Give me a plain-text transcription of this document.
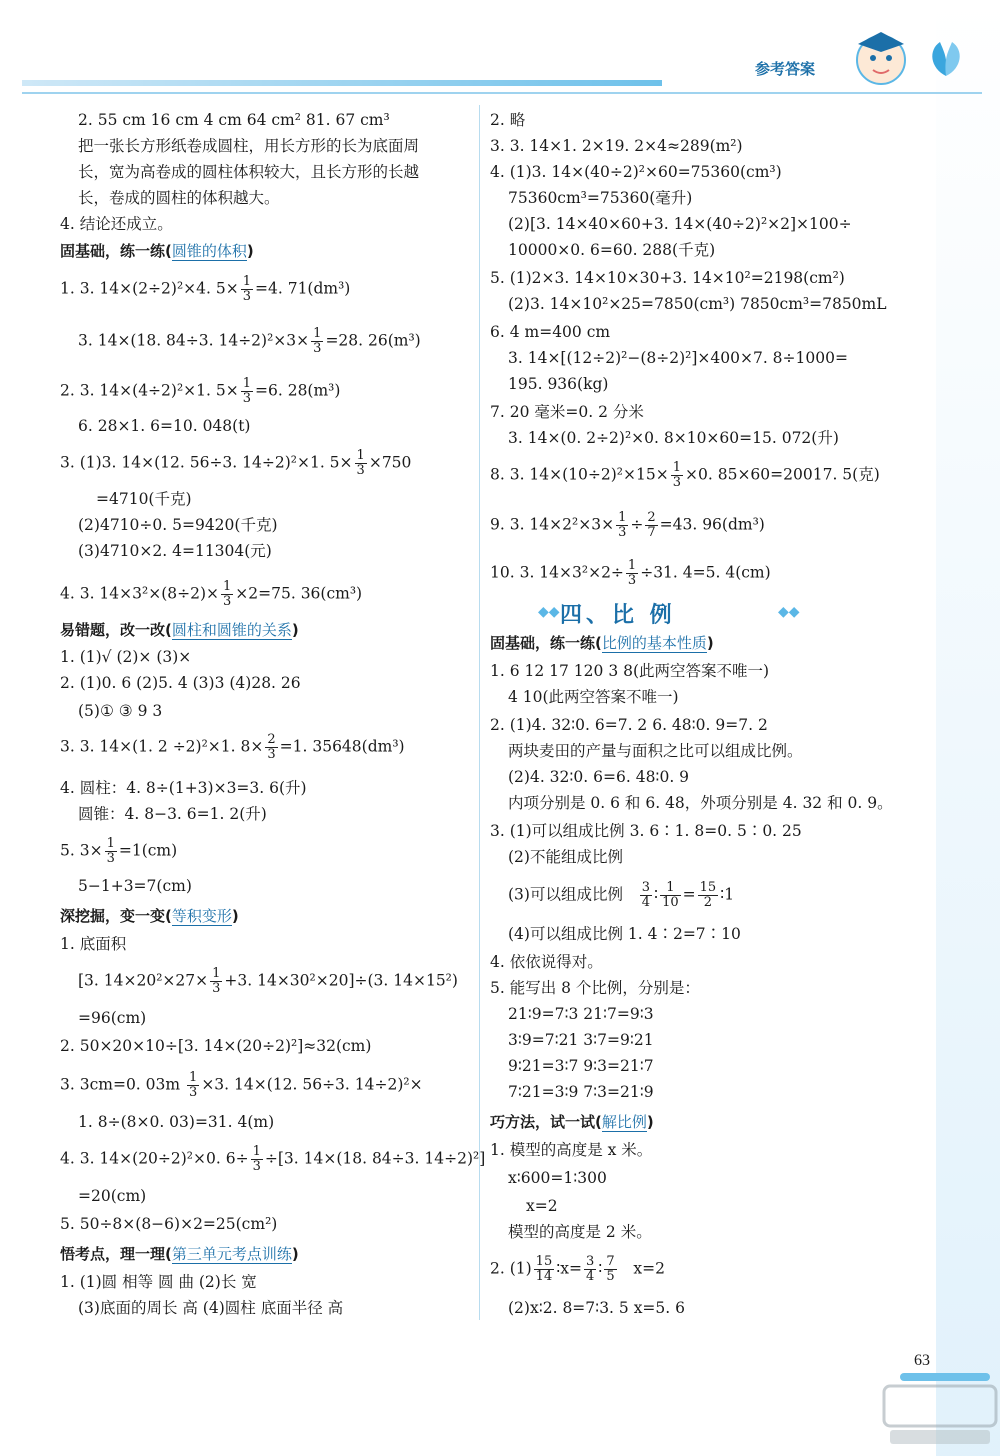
参考答案
2. 55 cm 16 cm 4 cm 64 cm² 81. 67 cm³
把一张长方形纸卷成圆柱，用长方形的长为底面周
长，宽为高卷成的圆柱体积较大，且长方形的长越
长，卷成的圆柱的体积越大。
4. 结论还成立。
固基础，练一练(圆锥的体积)
1. 3. 14×(2÷2)²×4. $5\times \frac{1}{3} =4$. 71(dm³)
3. 14×(18. 84÷3. $14\div 2)^2\times 3\times \frac{1}{3} =28$. 26(m³)
2. 3. 14×(4÷2)²×1. $5\times \frac{1}{3} =6$. 28(m³)
6. 28×1. 6=10. 048(t)
3. (1)3. 14×(12. 56÷3. 14÷2)²×1. $5\times \frac{1}{3} \times 750$
=4710(千克)
(2)4710÷0. 5=9420(千克)
(3)4710×2. 4=11304(元)
4. 3. $14\times 3^2\times(8\div 2)\times \frac{1}{3} \times 2=75$. 36(cm³)
易错题，改一改(圆柱和圆锥的关系)
1. (1)√ (2)× (3)×
2. (1)0. 6 (2)5. 4 (3)3 (4)28. 26
(5)① ③ 9 3
3. 3. 14×(1. 2 ÷2)²×1. $8\times \frac{2}{3} =1$. 35648(dm³)
4. 圆柱：4. 8÷(1+3)×3=3. 6(升)
圆锥：4. 8−3. 6=1. 2(升)
5. $3\times \frac{1}{3} =1(cm)$
5−1+3=7(cm)
深挖掘，变一变(等积变形)
1. 底面积
[3. $14\times 20^2\times 27\times \frac{1}{3} +3$. 14×30²×20]÷(3. 14×15²)
=96(cm)
2. 50×20×10÷[3. 14×(20÷2)²]≈32(cm)
3. 3cm=0. $03m \frac{1}{3} \times 3$. 14×(12. 56÷3. 14÷2)²×
1. 8÷(8×0. 03)=31. 4(m)
4. 3. 14×(20÷2)²×0. $6\div \frac{1}{3} \div[3$. 14×(18. 84÷3. 14÷2)²]
=20(cm)
5. 50÷8×(8−6)×2=25(cm²)
悟考点，理一理(第三单元考点训练)
1. (1)圆 相等 圆 曲 (2)长 宽
(3)底面的周长 高 (4)圆柱 底面半径 高
2. 略
3. 3. 14×1. 2×19. 2×4≈289(m²)
4. (1)3. 14×(40÷2)²×60=75360(cm³)
75360cm³=75360(毫升)
(2)[3. 14×40×60+3. 14×(40÷2)²×2]×100÷
10000×0. 6=60. 288(千克)
5. (1)2×3. 14×10×30+3. 14×10²=2198(cm²)
(2)3. 14×10²×25=7850(cm³) 7850cm³=7850mL
6. 4 m=400 cm
3. 14×[(12÷2)²−(8÷2)²]×400×7. 8÷1000=
195. 936(kg)
7. 20 毫米=0. 2 分米
3. 14×(0. 2÷2)²×0. 8×10×60=15. 072(升)
8. 3. $14\times(10\div 2)^2\times 15\times \frac{1}{3} \times 0$. 85×60=20017. 5(克)
9. 3. $14\times 2^2\times 3\times \frac{1}{3} \div \frac{2}{7} =43$. 96(dm³)
10. 3. $14\times 3^2\times 2\div \frac{1}{3} \div 31$. 4=5. 4(cm)
固基础，练一练(比例的基本性质)
1. 6 12 17 120 3 8(此两空答案不唯一)
4 10(此两空答案不唯一)
2. (1)4. 32∶0. 6=7. 2 6. 48∶0. 9=7. 2
两块麦田的产量与面积之比可以组成比例。
(2)4. 32∶0. 6=6. 48∶0. 9
内项分别是 0. 6 和 6. 48，外项分别是 4. 32 和 0. 9。
3. (1)可以组成比例 3. 6∶1. 8=0. 5∶0. 25
(2)不能组成比例
(3)可以组成比例 $\frac{3}{4}$ ∶ $\frac{1}{10} = \frac{15}{2}$ ∶1
(4)可以组成比例 1. 4∶2=7∶10
4. 依依说得对。
5. 能写出 8 个比例，分别是：
21∶9=7∶3 21∶7=9∶3
3∶9=7∶21 3∶7=9∶21
9∶21=3∶7 9∶3=21∶7
7∶21=3∶9 7∶3=21∶9
巧方法，试一试(解比例)
1. 模型的高度是 x 米。
x∶600=1∶300
x=2
模型的高度是 2 米。
2. $(1) \frac{15}{14}$ ∶x= $\frac{3}{4}$ ∶ $\frac{7}{5} x=2$
(2)x∶2. 8=7∶3. 5 x=5. 6
◆◆ 四、比 例	◆◆
63
